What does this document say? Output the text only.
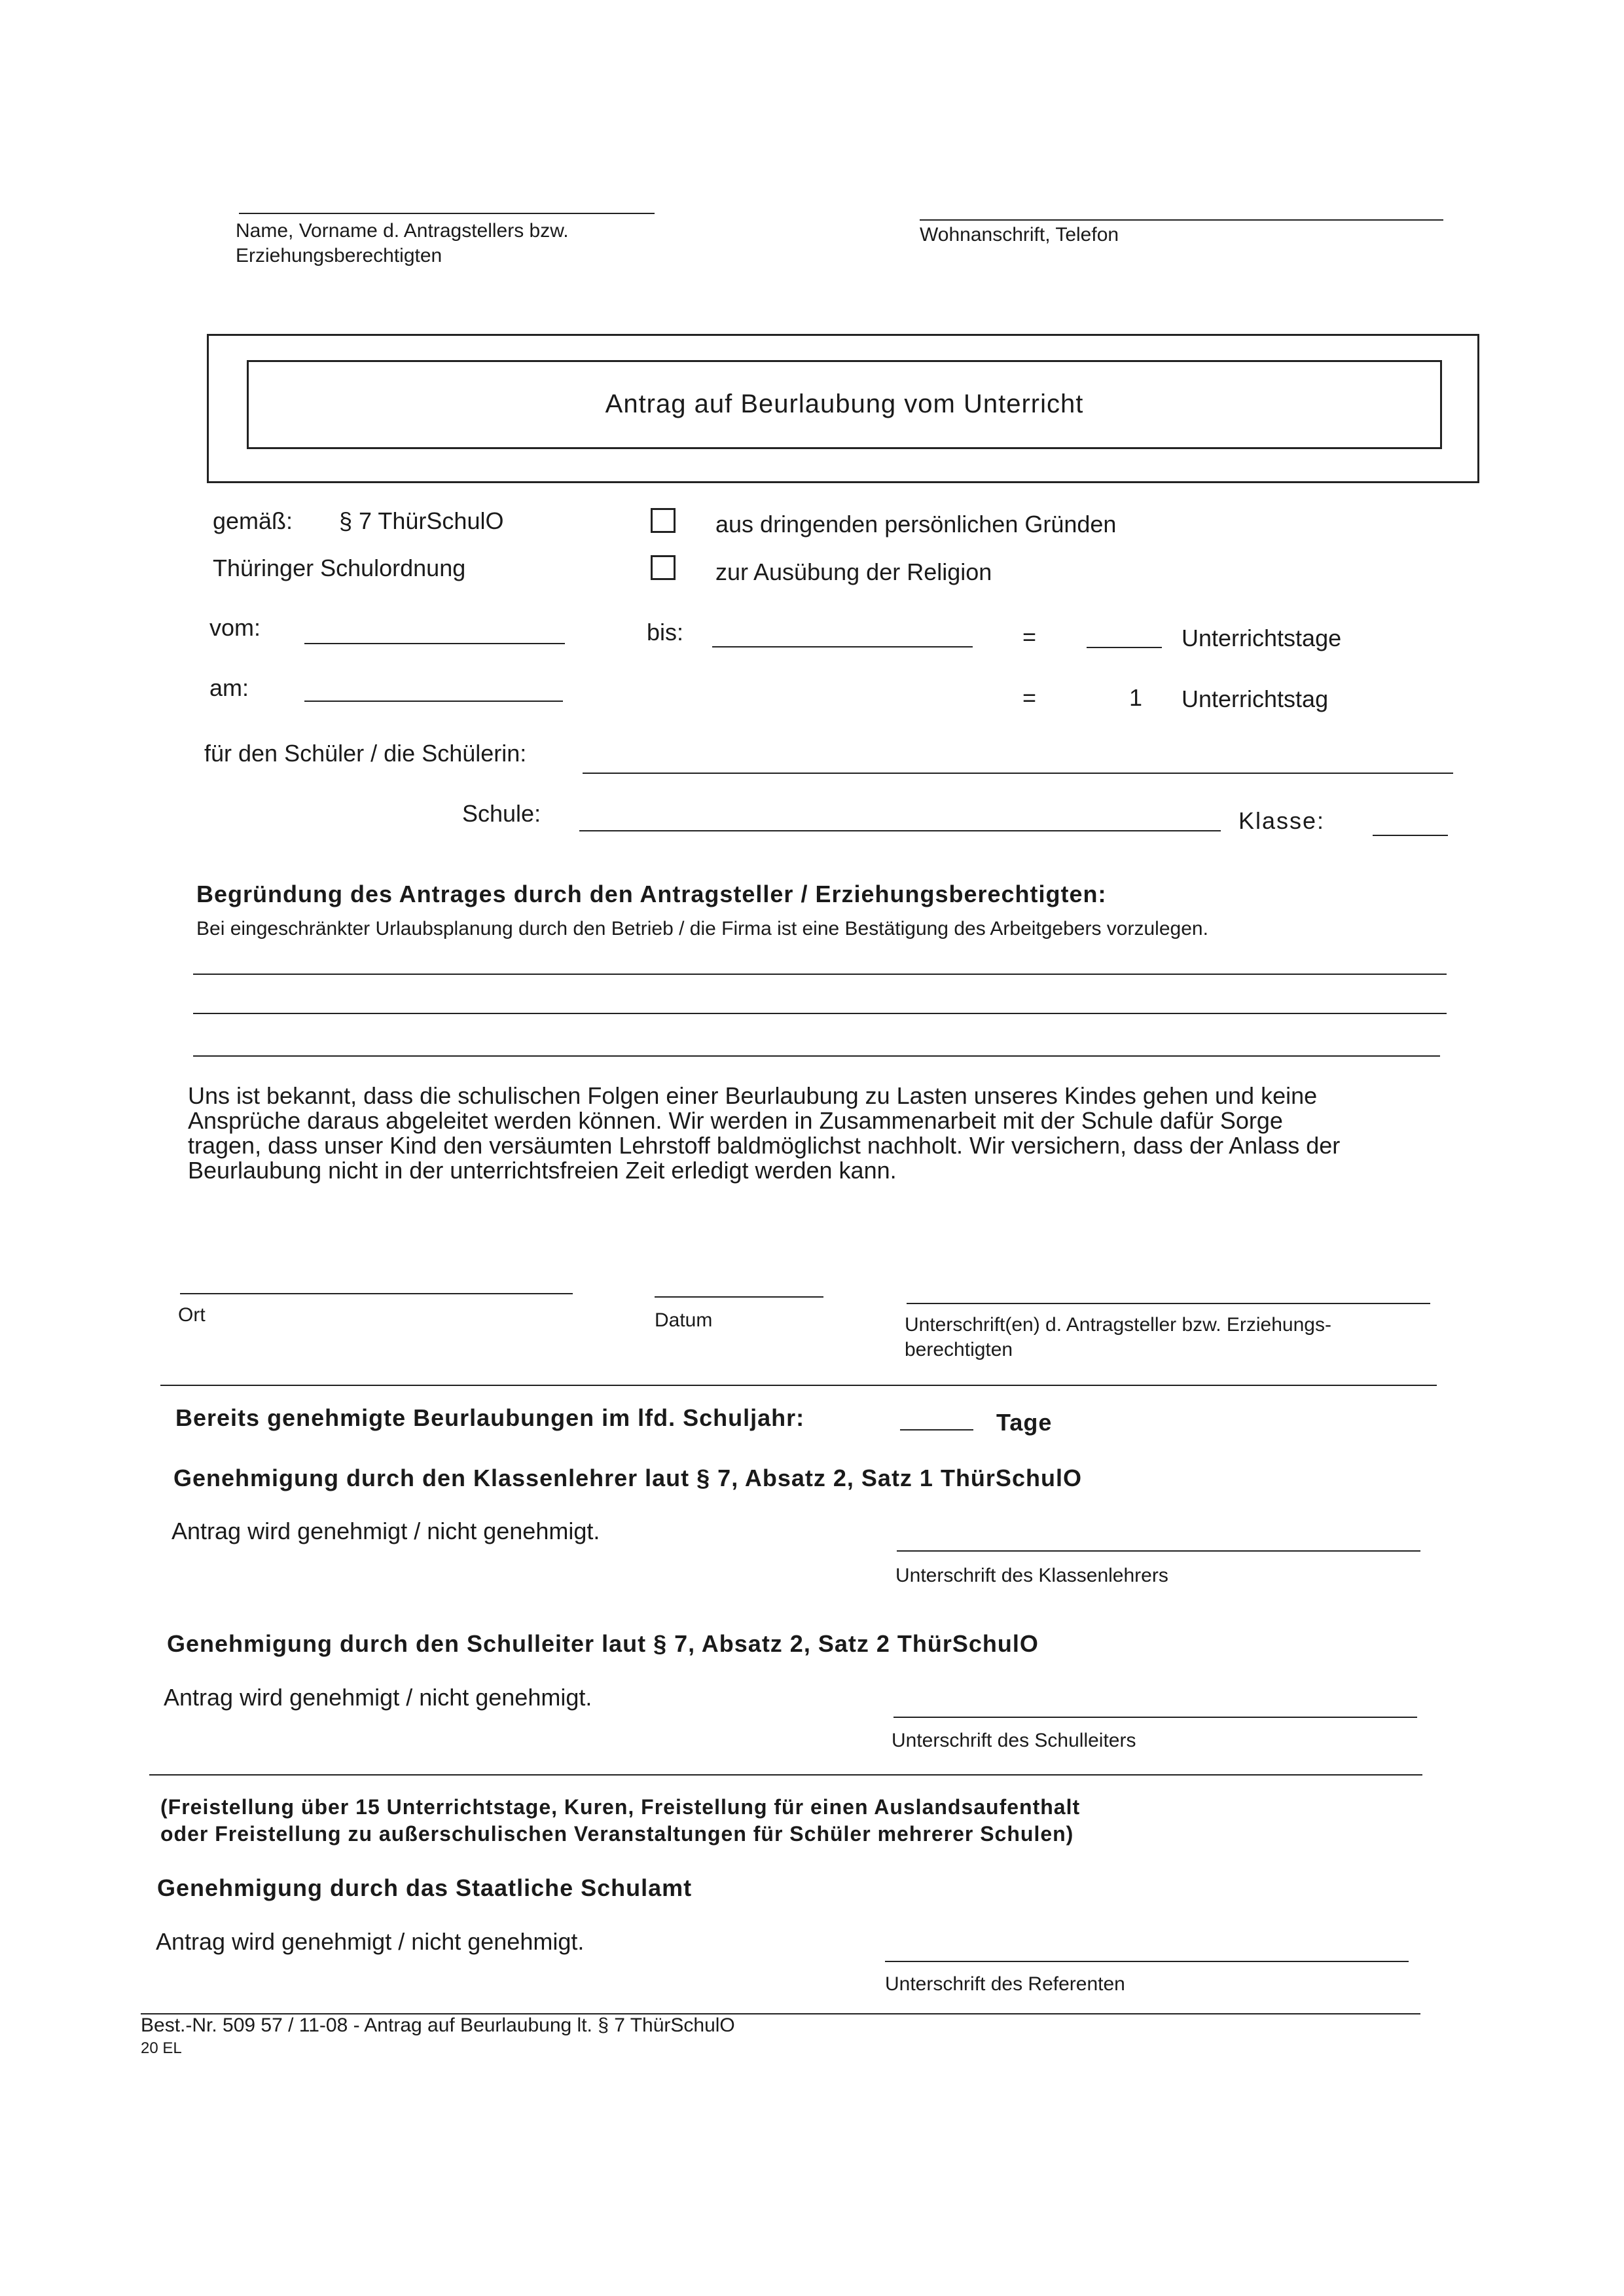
Name, Vorname d. Antragstellers bzw.
Erziehungsberechtigten
Wohnanschrift, Telefon
Antrag auf Beurlaubung vom Unterricht
gemäß: § 7 ThürSchulO
Thüringer Schulordnung
aus dringenden persönlichen Gründen
zur Ausübung der Religion
vom:	bis:	=	Unterrichtstage
am:	=	1 Unterrichtstag
für den Schüler / die Schülerin:
Schule:	Klasse:
Begründung des Antrages durch den Antragsteller / Erziehungsberechtigten:
Bei eingeschränkter Urlaubsplanung durch den Betrieb / die Firma ist eine Bestätigung des Arbeitgebers vorzulegen.
Uns ist bekannt, dass die schulischen Folgen einer Beurlaubung zu Lasten unseres Kindes gehen und keine
Ansprüche daraus abgeleitet werden können. Wir werden in Zusammenarbeit mit der Schule dafür Sorge
tragen, dass unser Kind den versäumten Lehrstoff baldmöglichst nachholt. Wir versichern, dass der Anlass der
Beurlaubung nicht in der unterrichtsfreien Zeit erledigt werden kann.
Ort	Datum	Unterschrift(en) d. Antragsteller bzw. Erziehungs-
berechtigten
Bereits genehmigte Beurlaubungen im lfd. Schuljahr:	Tage
Genehmigung durch den Klassenlehrer laut § 7, Absatz 2, Satz 1 ThürSchulO
Antrag wird genehmigt / nicht genehmigt.
Unterschrift des Klassenlehrers
Genehmigung durch den Schulleiter laut § 7, Absatz 2, Satz 2 ThürSchulO
Antrag wird genehmigt / nicht genehmigt.
Unterschrift des Schulleiters
(Freistellung über 15 Unterrichtstage, Kuren, Freistellung für einen Auslandsaufenthalt
oder Freistellung zu außerschulischen Veranstaltungen für Schüler mehrerer Schulen)
Genehmigung durch das Staatliche Schulamt
Antrag wird genehmigt / nicht genehmigt.
Unterschrift des Referenten
Best.-Nr. 509 57 / 11-08 - Antrag auf Beurlaubung lt. § 7 ThürSchulO
20 EL
